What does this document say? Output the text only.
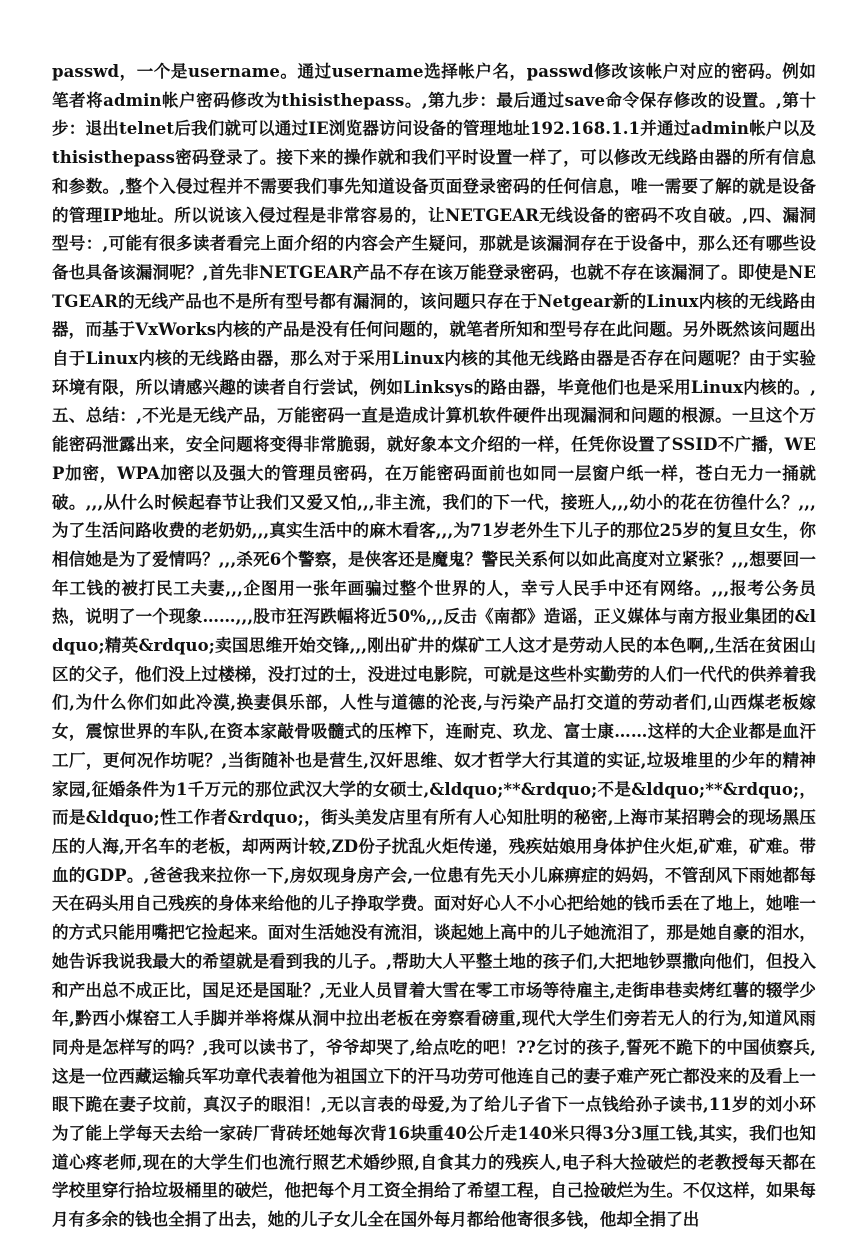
passwd，一个是username。通过username选择帐户名，passwd修改该帐户对应的密码。例如笔者将admin帐户密码修改为thisisthepass。,第九步：最后通过save命令保存修改的设置。,第十步：退出telnet后我们就可以通过IE浏览器访问设备的管理地址192.168.1.1并通过admin帐户以及thisisthepass密码登录了。接下来的操作就和我们平时设置一样了，可以修改无线路由器的所有信息和参数。,整个入侵过程并不需要我们事先知道设备页面登录密码的任何信息，唯一需要了解的就是设备的管理IP地址。所以说该入侵过程是非常容易的，让NETGEAR无线设备的密码不攻自破。,四、漏洞型号：,可能有很多读者看完上面介绍的内容会产生疑问，那就是该漏洞存在于设备中，那么还有哪些设备也具备该漏洞呢？,首先非NETGEAR产品不存在该万能登录密码，也就不存在该漏洞了。即使是NETGEAR的无线产品也不是所有型号都有漏洞的，该问题只存在于Netgear新的Linux内核的无线路由器，而基于VxWorks内核的产品是没有任何问题的，就笔者所知和型号存在此问题。另外既然该问题出自于Linux内核的无线路由器，那么对于采用Linux内核的其他无线路由器是否存在问题呢？由于实验环境有限，所以请感兴趣的读者自行尝试，例如Linksys的路由器，毕竟他们也是采用Linux内核的。,五、总结：,不光是无线产品，万能密码一直是造成计算机软件硬件出现漏洞和问题的根源。一旦这个万能密码泄露出来，安全问题将变得非常脆弱，就好象本文介绍的一样，任凭你设置了SSID不广播，WEP加密，WPA加密以及强大的管理员密码，在万能密码面前也如同一层窗户纸一样，苍白无力一捅就破。,,,从什么时候起春节让我们又爱又怕,,,非主流，我们的下一代，接班人,,,幼小的花在彷徨什么？,,,为了生活问路收费的老奶奶,,,真实生活中的麻木看客,,,为71岁老外生下儿子的那位25岁的复旦女生，你相信她是为了爱情吗？,,,杀死6个警察，是侠客还是魔鬼？警民关系何以如此高度对立紧张？,,,想要回一年工钱的被打民工夫妻,,,企图用一张年画骗过整个世界的人，幸亏人民手中还有网络。,,,报考公务员热，说明了一个现象……,,,股市狂泻跌幅将近50%,,,反击《南都》造谣，正义媒体与南方报业集团的&ldquo;精英&rdquo;卖国思维开始交锋,,,刚出矿井的煤矿工人这才是劳动人民的本色啊,,生活在贫困山区的父子，他们没上过楼梯，没打过的士，没进过电影院，可就是这些朴实勤劳的人们一代代的供养着我们,为什么你们如此冷漠,换妻俱乐部，人性与道德的沦丧,与污染产品打交道的劳动者们,山西煤老板嫁女，震惊世界的车队,在资本家敲骨吸髓式的压榨下，连耐克、玖龙、富士康……这样的大企业都是血汗工厂，更何况作坊呢？,当街随补也是营生,汉奸思维、奴才哲学大行其道的实证,垃圾堆里的少年的精神家园,征婚条件为1千万元的那位武汉大学的女硕士,&ldquo;**&rdquo;不是&ldquo;**&rdquo;，而是&ldquo;性工作者&rdquo;，街头美发店里有所有人心知肚明的秘密,上海市某招聘会的现场黑压压的人海,开名车的老板，却两两计较,ZD份子扰乱火炬传递，残疾姑娘用身体护住火炬,矿难，矿难。带血的GDP。,爸爸我来拉你一下,房奴现身房产会,一位患有先天小儿麻痹症的妈妈，不管刮风下雨她都每天在码头用自己残疾的身体来给他的儿子挣取学费。面对好心人不小心把给她的钱币丢在了地上，她唯一的方式只能用嘴把它捡起来。面对生活她没有流泪，谈起她上高中的儿子她流泪了，那是她自豪的泪水，她告诉我说我最大的希望就是看到我的儿子。,帮助大人平整土地的孩子们,大把地钞票撒向他们，但投入和产出总不成正比，国足还是国耻？,无业人员冒着大雪在零工市场等待雇主,走街串巷卖烤红薯的辍学少年,黔西小煤窑工人手脚并举将煤从洞中拉出老板在旁察看磅重,现代大学生们旁若无人的行为,知道风雨同舟是怎样写的吗？,我可以读书了，爷爷却哭了,给点吃的吧！??乞讨的孩子,誓死不跪下的中国侦察兵,这是一位西藏运输兵军功章代表着他为祖国立下的汗马功劳可他连自己的妻子难产死亡都没来的及看上一眼下跪在妻子坟前，真汉子的眼泪！,无以言表的母爱,为了给儿子省下一点钱给孙子读书,11岁的刘小环为了能上学每天去给一家砖厂背砖坯她每次背16块重40公斤走140米只得3分3厘工钱,其实，我们也知道心疼老师,现在的大学生们也流行照艺术婚纱照,自食其力的残疾人,电子科大捡破烂的老教授每天都在学校里穿行拾垃圾桶里的破烂，他把每个月工资全捐给了希望工程，自己捡破烂为生。不仅这样，如果每月有多余的钱也全捐了出去，她的儿子女儿全在国外每月都给他寄很多钱，他却全捐了出
